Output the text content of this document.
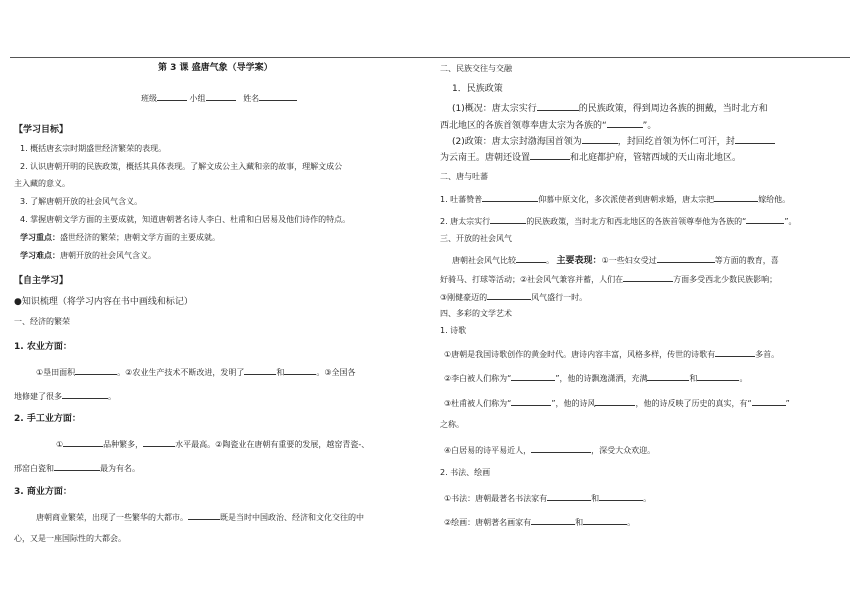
第 3 课 盛唐气象（导学案）
班级	小组	姓名
【学习目标】
1. 概括唐玄宗时期盛世经济繁荣的表现。
2. 认识唐朝开明的民族政策，概括其具体表现。了解文成公主入藏和亲的故事，理解文成公
主入藏的意义。
3. 了解唐朝开放的社会风气含义。
4. 掌握唐朝文学方面的主要成就，知道唐朝著名诗人李白、杜甫和白居易及他们诗作的特点。
学习重点：盛世经济的繁荣；唐朝文学方面的主要成就。
学习难点：唐朝开放的社会风气含义。
【自主学习】
●知识梳理（将学习内容在书中画线和标记）
一、经济的繁荣
1. 农业方面：
①垦田面积	。②农业生产技术不断改进，发明了	和	。③全国各
地修建了很多	。
2. 手工业方面：
①	品种繁多，	水平最高。②陶瓷业在唐朝有重要的发展，越窑青瓷-、
邢窑白瓷和	最为有名。
3. 商业方面：
唐朝商业繁荣，出现了一些繁华的大都市。	既是当时中国政治、经济和文化交往的中
心，又是一座国际性的大都会。
二、民族交往与交融
1．民族政策
(1)概况：唐太宗实行	的民族政策，得到周边各族的拥戴，当时北方和
西北地区的各族首领尊奉唐太宗为各族的“	”。
(2)政策：唐太宗封渤海国首领为	，封回纥首领为怀仁可汗，封
为云南王。唐朝还设置	和北庭都护府，管辖西域的天山南北地区。
二、唐与吐蕃
1. 吐蕃赞普	仰慕中原文化，多次派使者到唐朝求婚，唐太宗把	嫁给他。
2. 唐太宗实行	的民族政策，当时北方和西北地区的各族首领尊奉他为各族的“	”。
三、开放的社会风气
唐朝社会风气比较	。 主要表现：①一些妇女受过	等方面的教育，喜
好骑马、打球等活动；②社会风气兼容并蓄，人们在	方面多受西北少数民族影响；
③刚健豪迈的	风气盛行一时。
四、多彩的文学艺术
1. 诗歌
①唐朝是我国诗歌创作的黄金时代。唐诗内容丰富，风格多样，传世的诗歌有	多首。
②李白被人们称为“	”，他的诗飘逸潇洒，充满	和	。
③杜甫被人们称为“	”，他的诗风	，他的诗反映了历史的真实，有“	”
之称。
④白居易的诗平易近人，	，深受大众欢迎。
2. 书法、绘画
①书法：唐朝最著名书法家有	和	。
②绘画：唐朝著名画家有	和	。
